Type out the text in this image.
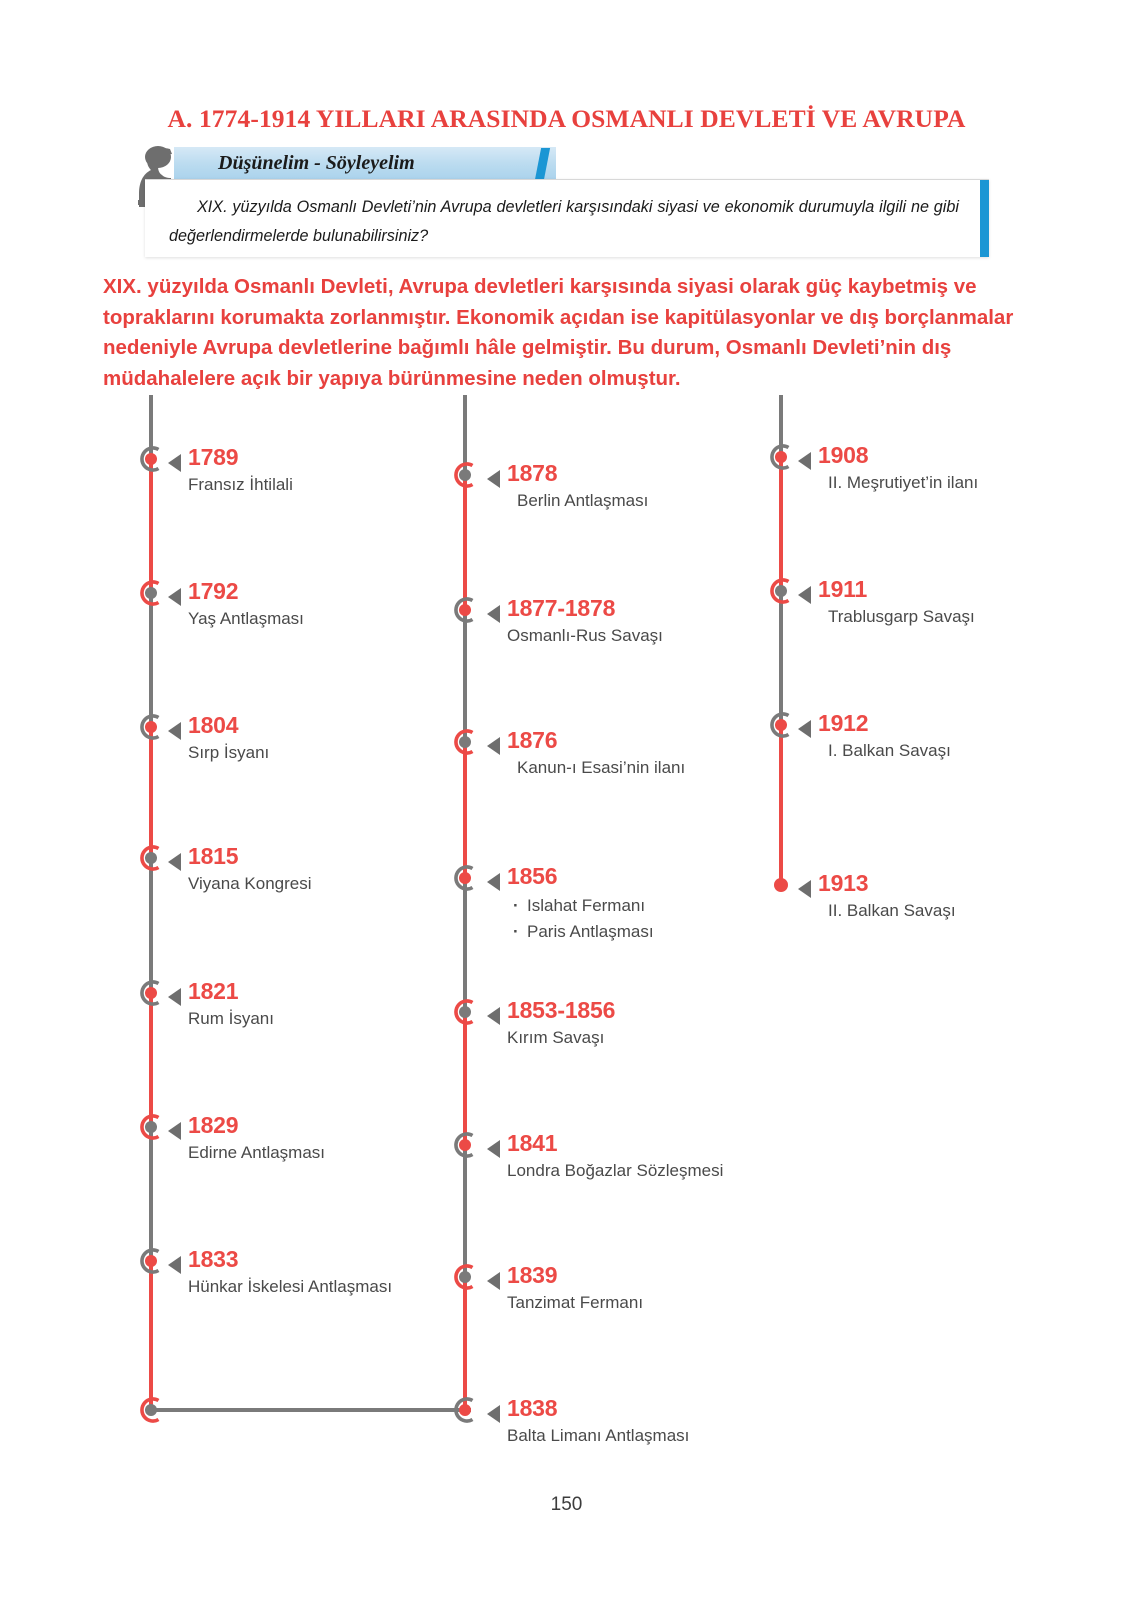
A. 1774-1914 YILLARI ARASINDA OSMANLI DEVLETİ VE AVRUPA
Düşünelim - Söyleyelim
XIX. yüzyılda Osmanlı Devleti’nin Avrupa devletleri karşısındaki siyasi ve ekonomik durumuyla ilgili ne gibi değerlendirmelerde bulunabilirsiniz?
XIX. yüzyılda Osmanlı Devleti, Avrupa devletleri karşısında siyasi olarak güç kaybetmiş ve topraklarını korumakta zorlanmıştır. Ekonomik açıdan ise kapitülasyonlar ve dış borçlanmalar nedeniyle Avrupa devletlerine bağımlı hâle gelmiştir. Bu durum, Osmanlı Devleti’nin dış müdahalelere açık bir yapıya bürünmesine neden olmuştur.
1789
Fransız İhtilali
1792
Yaş Antlaşması
1804
Sırp İsyanı
1815
Viyana Kongresi
1821
Rum İsyanı
1829
Edirne Antlaşması
1833
Hünkar İskelesi Antlaşması
1878
Berlin Antlaşması
1877-1878
Osmanlı-Rus Savaşı
1876
Kanun-ı Esasi’nin ilanı
1856
· Islahat Fermanı
· Paris Antlaşması
1853-1856
Kırım Savaşı
1841
Londra Boğazlar Sözleşmesi
1839
Tanzimat Fermanı
1838
Balta Limanı Antlaşması
1908
II. Meşrutiyet’in ilanı
1911
Trablusgarp Savaşı
1912
I. Balkan Savaşı
1913
II. Balkan Savaşı
150
